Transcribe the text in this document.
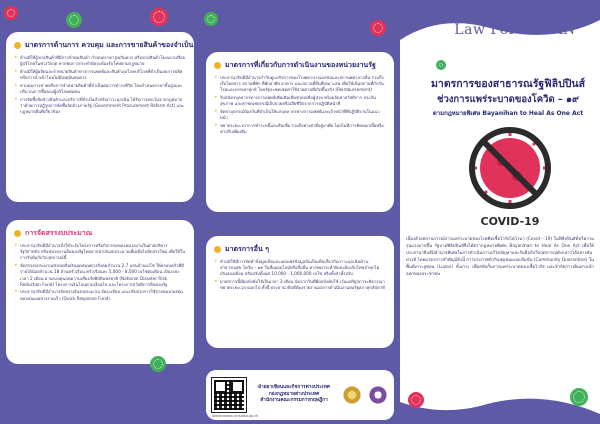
มาตรการด้านการ ควบคุม และการขายสินค้าของจำเป็น
• ห้ามมิให้ผู้ขายสินค้าที่มีการกักตุนสินค้า กำหนดราคาสูงเกินควร หรือขายสินค้าโดยเอาเปรียบผู้บริโภคในช่วงวิกฤต หากพบการกระทำผิดจะต้องรับโทษตามกฎหมาย
• ห้ามมิให้ผู้ผลิตและจำหน่ายสินค้าทางการแพทย์และสินค้าอุปโภคบริโภคที่จำเป็นลดการผลิตหรือการนำเข้าโดยไม่มีเหตุอันสมควร
• ควบคุมการขายหรือการจำหน่ายสินค้าที่จำเป็นต่อการดำรงชีวิต โดยกำหนดราคาขั้นสูงและปริมาณการซื้อของผู้บริโภคต่อคน
• การจัดซื้อจัดจ้างสินค้าและบริการที่จำเป็นสำหรับภาวะฉุกเฉิน ได้รับการยกเว้นจากกฎหมายว่าด้วยการปฏิรูปการจัดซื้อจัดจ้างภาครัฐ (Government Procurement Reform Act) และกฎหมายอื่นที่เกี่ยวข้อง
การจัดสรรงบประมาณ
• ประธานาธิบดีมีอำนาจสั่งให้ระงับโครงการหรือกิจกรรมของหน่วยงานในฝ่ายบริหาร รัฐวิสาหกิจ หรือหน่วยงานอื่นของรัฐโดยอาจนำเงินงบประมาณที่เหลือไปจัดสรรใหม่ เพื่อใช้ในการรับมือกับวิกฤตการณ์นี้
• จัดสรรงบประมาณช่วยเหลือเงินอุดหนุนทางสังคมจำนวน 2.7 แสนล้านเปโซ ให้ครอบครัวที่มีรายได้น้อยจำนวน 18 ล้านครัวเรือน ครัวเรือนละ 5,000 - 8,000 เปโซต่อเดือน เป็นระยะเวลา 2 เดือน ผ่านกองทุนลดความเสี่ยงภัยพิบัติแห่งชาติ (National Disaster Risk Reduction Fund) โครงการเงินโอนตามเงื่อนไข และโครงการสวัสดิการอื่นของรัฐ
• ประธานาธิบดีมีอำนาจจัดสรรเงินงบประมาณ จัดระเบียบ และปรับปรุงการใช้จ่ายของกองทุนตอบสนองอย่างรวดเร็ว (Quick Response Fund)
มาตรการที่เกี่ยวกับการดำเนินงานของหน่วยงานรัฐ
• ประธานาธิบดีมีอำนาจกำกับดูแลกิจการของโรงพยาบาลเอกชนและสถานพยาบาลอื่น รวมถึงเรือโดยสาร สถานที่พัก ที่พักอาศัย อาคาร และสถานที่อื่นที่เหมาะสม เพื่อใช้เป็นสถานที่กักกันโรคและบรรเทาทุกข์ โดยรัฐจะชดเชยค่าใช้จ่ายตามที่เกิดขึ้นจริง (Reimbursement)
• รับสมัครบุคลากรทางการแพทย์เพิ่มเติมเพื่อช่วยเหลือผู้ป่วย พร้อมจัดหาสวัสดิการ ประกันสุขภาพ และค่าชดเชยกรณีเจ็บป่วยหรือเสียชีวิตจากการปฏิบัติหน้าที่
• จัดหาอุปกรณ์ป้องกันที่จำเป็นให้แก่บุคลากรทางการแพทย์และเจ้าหน้าที่ที่ปฏิบัติงานในแนวหน้า
• ขยายระยะเวลาการชำระหนี้และสินเชื่อ รวมถึงค่าเช่าที่อยู่อาศัย โดยไม่มีการคิดดอกเบี้ยหรือค่าปรับเพิ่มเติม
มาตรการอื่น ๆ
• ห้ามมิให้มีการจัดทำข้อมูลเท็จและเผยแพร่ข้อมูลอันเป็นเท็จเกี่ยวกับภาวะฉุกเฉินด้านสาธารณสุข โควิด – ๑๙ ในสื่อออนไลน์หรือสื่ออื่น หากพบกระทำผิดจะต้องรับโทษจำคุกไม่เกินสองเดือน หรือปรับตั้งแต่ 10,000 - 1,000,000 เปโซ หรือทั้งจำทั้งปรับ
• มาตรการนี้มีผลบังคับใช้เป็นเวลา 3 เดือน นับจากวันที่มีผลบังคับใช้ เว้นแต่รัฐสภาจะพิจารณาขยายระยะเวลาออกไป ทั้งนี้ ประธานาธิบดีต้องรายงานผลการดำเนินงานต่อรัฐสภาทุกสัปดาห์
ฝ่ายอาเซียนและกิจการต่างประเทศ
กองกฎหมายต่างประเทศ
สำนักงานคณะกรรมการกฤษฎีกา
lawforasean.krisdika.go.th
Law For ASEAN
มาตรการของสาธารณรัฐฟิลิปปินส์
ช่วงการแพร่ระบาดของโควิด – ๑๙
ตามกฎหมายพิเศษ Bayanihan to Heal As One Act
COVID-19
เนื่องด้วยสถานการณ์การแพร่ระบาดของโรคติดเชื้อไวรัสโคโรนา (Covid – 19) ในฟิลิปปินส์ที่ทวีความรุนแรงมากขึ้น รัฐบาลฟิลิปปินส์จึงได้ตรากฎหมายพิเศษ Bayanihan to Heal As One Act เพื่อให้ประธานาธิบดีมีอำนาจพิเศษในการดำเนินการแก้ไขปัญหาและรับมือกับวิกฤตการณ์ดังกล่าวได้อย่างทันท่วงที โดยมาตรการสำคัญมีดังนี้ การประกาศกักกันชุมชนแบบเข้มข้น (Community Quarantine) ในพื้นที่เกาะลูซอน (Luzon) ทั้งเกาะ เพื่อสกัดกั้นการแพร่ระบาดของเชื้อไวรัส และจำกัดการเดินทางเข้าออกของประชาชน
